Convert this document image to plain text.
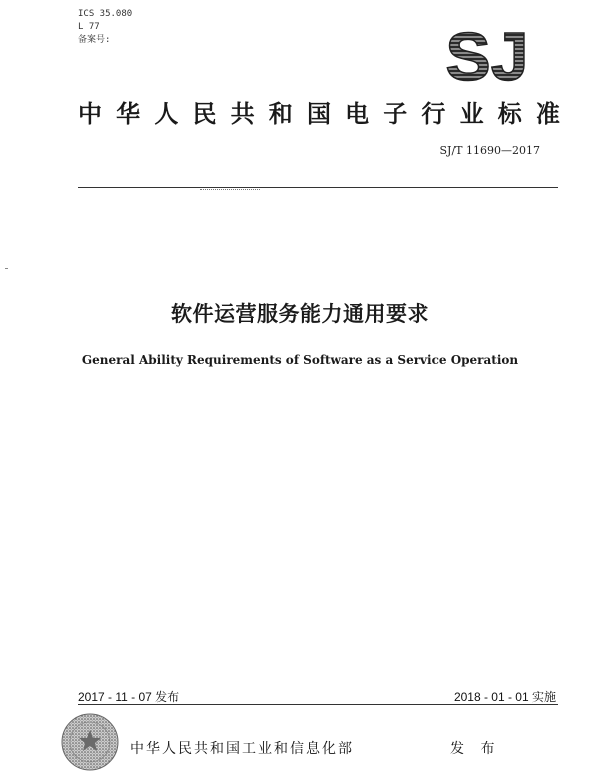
ICS 35.080
L 77
备案号:	SJ
中 华 人 民 共 和 国 电 子 行 业 标 准
SJ/T 11690—2017
软件运营服务能力通用要求
General Ability Requirements of Software as a Service Operation
2017 - 11 - 07 发布	2018 - 01 - 01 实施
中华人民共和国工业和信息化部	发 布
